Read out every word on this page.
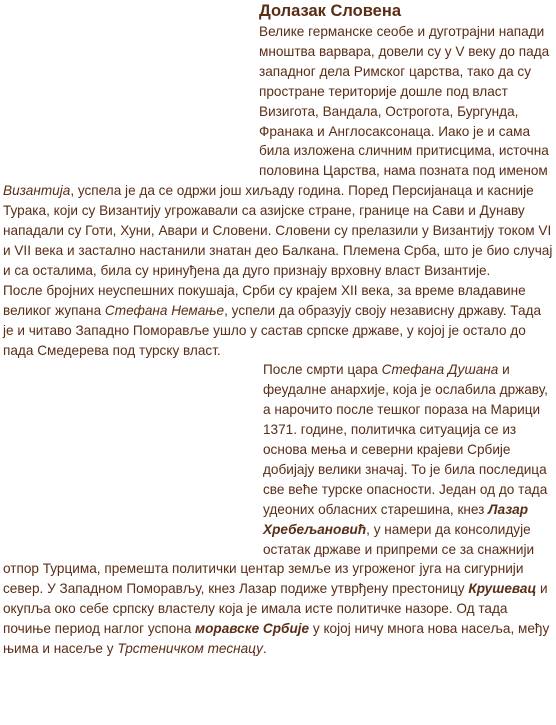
Долазак Словена

Велике германске сеобе и дуготрајни напади мноштва варвара, довели су у V веку до пада западног дела Римског царства, тако да су простране територије дошле под власт Визигота, Вандала, Острогота, Бургунда, Франака и Англосаксонаца. Иако је и сама била изложена сличним притисцима, источна половина Царства, нама позната под именом Византија, успела је да се одржи још хиљаду година. Поред Персијанаца и касније Турака, који су Византију угрожавали са азијске стране, границе на Сави и Дунаву нападали су Готи, Хуни, Авари и Словени. Словени су прелазили у Византију током VI и VII века и застално настанили знатан део Балкана. Племена Срба, што је био случај и са осталима, била су нринуђена да дуго признају врховну власт Византије.

После бројних неуспешних покушаја, Срби су крајем XII века, за време владавине великог жупана Стефана Немање, успели да образују своју независну државу. Тада је и читаво Западно Поморавље ушло у састав српске државе, у којој је остало до пада Смедерева под турску власт.

После смрти цара Стефана Душана и феудалне анархије, која је ослабила државу, а нарочито после тешког пораза на Марици 1371. године, политичка ситуација се из основа мења и северни крајеви Србије добијају велики значај. То је била последица све веће турске опасности. Један од до тада удеоних обласних старешина, кнез Лазар Хребељановић, у намери да консолидује остатак државе и припреми се за снажнији отпор Турцима, премешта политички центар земље из угроженог југа на сигурнији север. У Западном Поморављу, кнез Лазар подиже утврђену престоницу Крушевац и окупља око себе српску властелу која је имала исте политичке назоре. Од тада почиње период наглог успона моравске Србије у којој ничу многа нова насеља, међу њима и насеље у Трстеничком теснацу.
